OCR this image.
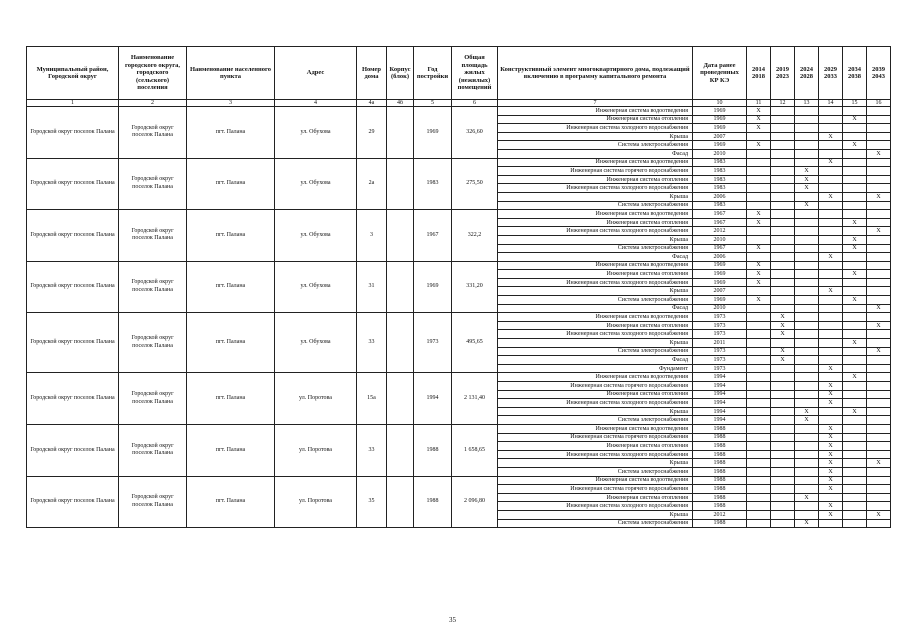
Муниципальный район, Городской округ	Наименование городского округа, городского (сельского) поселения	Наименование населенного пункта	Адрес	Номер дома	Корпус (блок)	Год постройки	Общая площадь жилых (нежилых) помещений	Конструктивный элемент многоквартирного дома, подлежащий включению в программу капитального ремонта	Дата ранее проведенных КР КЭ	2014 2018	2019 2023	2024 2028	2029 2033	2034 2038	2039 2043
1	2	3	4	4а	4б	5	6	7	10	11	12	13	14	15	16
Городской округ поселок Палана	Городской округ поселок Палана	пгт. Палана	ул. Обухова	29		1969	326,60	Инженерная система водоотведения	1969	X					
								Инженерная система отопления	1969	X				X	
								Инженерная система холодного водоснабжения	1969	X					
								Крыша	2007				X		
								Система электроснабжения	1969	X				X	
								Фасад	2010						X
Городской округ поселок Палана	Городской округ поселок Палана	пгт. Палана	ул. Обухова	2а		1983	275,50	Инженерная система водоотведения	1983				X		
								Инженерная система горячего водоснабжения	1983			X			
								Инженерная система отопления	1983			X			
								Инженерная система холодного водоснабжения	1983			X			
								Крыша	2006				X		X
								Система электроснабжения	1983			X			
Городской округ поселок Палана	Городской округ поселок Палана	пгт. Палана	ул. Обухова	3		1967	322,2	Инженерная система водоотведения	1967	X					
								Инженерная система отопления	1967	X				X	
								Инженерная система холодного водоснабжения	2012						X
								Крыша	2010					X	
								Система электроснабжения	1967	X				X	
								Фасад	2006				X		
Городской округ поселок Палана	Городской округ поселок Палана	пгт. Палана	ул. Обухова	31		1969	331,20	Инженерная система водоотведения	1969	X					
								Инженерная система отопления	1969	X				X	
								Инженерная система холодного водоснабжения	1969	X					
								Крыша	2007				X		
								Система электроснабжения	1969	X				X	
								Фасад	2010						X
Городской округ поселок Палана	Городской округ поселок Палана	пгт. Палана	ул. Обухова	33		1973	495,65	Инженерная система водоотведения	1973		X				
								Инженерная система отопления	1973		X				X
								Инженерная система холодного водоснабжения	1973		X				
								Крыша	2011					X	
								Система электроснабжения	1973		X				X
								Фасад	1973		X				
								Фундамент	1973				X		
Городской округ поселок Палана	Городской округ поселок Палана	пгт. Палана	ул. Поротова	15а		1994	2 131,40	Инженерная система водоотведения	1994					X	
								Инженерная система горячего водоснабжения	1994				X		
								Инженерная система отопления	1994				X		
								Инженерная система холодного водоснабжения	1994				X		
								Крыша	1994			X		X	
								Система электроснабжения	1994			X			
Городской округ поселок Палана	Городской округ поселок Палана	пгт. Палана	ул. Поротова	33		1988	1 658,65	Инженерная система водоотведения	1988				X		
								Инженерная система горячего водоснабжения	1988				X		
								Инженерная система отопления	1988				X		
								Инженерная система холодного водоснабжения	1988				X		
								Крыша	1988				X		X
								Система электроснабжения	1988				X		
Городской округ поселок Палана	Городской округ поселок Палана	пгт. Палана	ул. Поротова	35		1988	2 096,80	Инженерная система водоотведения	1988				X		
								Инженерная система горячего водоснабжения	1988				X		
								Инженерная система отопления	1988			X			
								Инженерная система холодного водоснабжения	1988				X		
								Крыша	2012				X		X
								Система электроснабжения	1988			X			
35
